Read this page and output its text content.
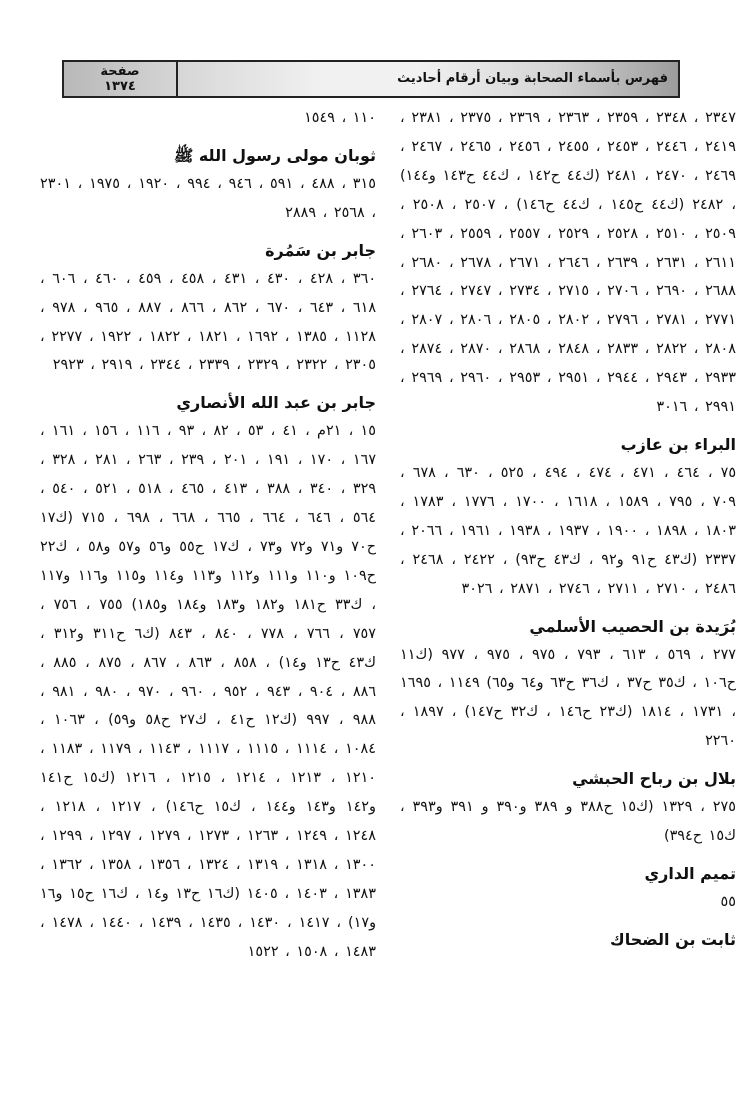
صفحة
١٣٧٤
فهرس بأسماء الصحابة وبيان أرقام أحاديث
٢٣٤٧ ، ٢٣٤٨ ، ٢٣٥٩ ، ٢٣٦٣ ، ٢٣٦٩ ، ٢٣٧٥ ، ٢٣٨١ ، ٢٤١٩ ، ٢٤٤٦ ، ٢٤٥٣ ، ٢٤٥٥ ، ٢٤٥٦ ، ٢٤٦٥ ، ٢٤٦٧ ، ٢٤٦٩ ، ٢٤٧٠ ، ٢٤٨١ (ك٤٤ ح١٤٢ ، ك٤٤ ح١٤٣ و١٤٤) ، ٢٤٨٢ (ك٤٤ ح١٤٥ ، ك٤٤ ح١٤٦) ، ٢٥٠٧ ، ٢٥٠٨ ، ٢٥٠٩ ، ٢٥١٠ ، ٢٥٢٨ ، ٢٥٢٩ ، ٢٥٥٧ ، ٢٥٥٩ ، ٢٦٠٣ ، ٢٦١١ ، ٢٦٣١ ، ٢٦٣٩ ، ٢٦٤٦ ، ٢٦٧١ ، ٢٦٧٨ ، ٢٦٨٠ ، ٢٦٨٨ ، ٢٦٩٠ ، ٢٧٠٦ ، ٢٧١٥ ، ٢٧٣٤ ، ٢٧٤٧ ، ٢٧٦٤ ، ٢٧٧١ ، ٢٧٨١ ، ٢٧٩٦ ، ٢٨٠٢ ، ٢٨٠٥ ، ٢٨٠٦ ، ٢٨٠٧ ، ٢٨٠٨ ، ٢٨٢٢ ، ٢٨٣٣ ، ٢٨٤٨ ، ٢٨٦٨ ، ٢٨٧٠ ، ٢٨٧٤ ، ٢٩٣٣ ، ٢٩٤٣ ، ٢٩٤٤ ، ٢٩٥١ ، ٢٩٥٣ ، ٢٩٦٠ ، ٢٩٦٩ ، ٢٩٩١ ، ٣٠١٦
البراء بن عازب
٧٥ ، ٤٦٤ ، ٤٧١ ، ٤٧٤ ، ٤٩٤ ، ٥٢٥ ، ٦٣٠ ، ٦٧٨ ، ٧٠٩ ، ٧٩٥ ، ١٥٨٩ ، ١٦١٨ ، ١٧٠٠ ، ١٧٧٦ ، ١٧٨٣ ، ١٨٠٣ ، ١٨٩٨ ، ١٩٠٠ ، ١٩٣٧ ، ١٩٣٨ ، ١٩٦١ ، ٢٠٦٦ ، ٢٣٣٧ (ك٤٣ ح٩١ و٩٢ ، ك٤٣ ح٩٣) ، ٢٤٢٢ ، ٢٤٦٨ ، ٢٤٨٦ ، ٢٧١٠ ، ٢٧١١ ، ٢٧٤٦ ، ٢٨٧١ ، ٣٠٢٦
بُرَيدة بن الحصيب الأسلمي
٢٧٧ ، ٥٦٩ ، ٦١٣ ، ٧٩٣ ، ٩٧٥ ، ٩٧٥ ، ٩٧٧ (ك١١ ح١٠٦ ، ك٣٥ ح٣٧ ، ك٣٦ ح٦٣ و٦٤ و٦٥) ١١٤٩ ، ١٦٩٥ ، ١٧٣١ ، ١٨١٤ (ك٢٣ ح١٤٦ ، ك٣٢ ح١٤٧) ، ١٨٩٧ ، ٢٢٦٠
بلال بن رباح الحبشي
٢٧٥ ، ١٣٢٩ (ك١٥ ح٣٨٨ و ٣٨٩ و٣٩٠ و ٣٩١ و٣٩٣ ، ك١٥ ح٣٩٤)
تميم الداري
٥٥
ثابت بن الضحاك
١١٠ ، ١٥٤٩
ثوبان مولى رسول الله ﷺ
٣١٥ ، ٤٨٨ ، ٥٩١ ، ٩٤٦ ، ٩٩٤ ، ١٩٢٠ ، ١٩٧٥ ، ٢٣٠١ ، ٢٥٦٨ ، ٢٨٨٩
جابر بن سَمُرة
٣٦٠ ، ٤٢٨ ، ٤٣٠ ، ٤٣١ ، ٤٥٨ ، ٤٥٩ ، ٤٦٠ ، ٦٠٦ ، ٦١٨ ، ٦٤٣ ، ٦٧٠ ، ٨٦٢ ، ٨٦٦ ، ٨٨٧ ، ٩٦٥ ، ٩٧٨ ، ١١٢٨ ، ١٣٨٥ ، ١٦٩٢ ، ١٨٢١ ، ١٨٢٢ ، ١٩٢٢ ، ٢٢٧٧ ، ٢٣٠٥ ، ٢٣٢٢ ، ٢٣٢٩ ، ٢٣٣٩ ، ٢٣٤٤ ، ٢٩١٩ ، ٢٩٢٣
جابر بن عبد الله الأنصاري
١٥ ، ٢١م ، ٤١ ، ٥٣ ، ٨٢ ، ٩٣ ، ١١٦ ، ١٥٦ ، ١٦١ ، ١٦٧ ، ١٧٠ ، ١٩١ ، ٢٠١ ، ٢٣٩ ، ٢٦٣ ، ٢٨١ ، ٣٢٨ ، ٣٢٩ ، ٣٤٠ ، ٣٨٨ ، ٤١٣ ، ٤٦٥ ، ٥١٨ ، ٥٢١ ، ٥٤٠ ، ٥٦٤ ، ٦٤٦ ، ٦٦٤ ، ٦٦٥ ، ٦٦٨ ، ٦٩٨ ، ٧١٥ (ك١٧ ح٧٠ و٧١ و٧٢ و٧٣ ، ك١٧ ح٥٥ و٥٦ و٥٧ و٥٨ ، ك٢٢ ح١٠٩ و١١٠ و١١١ و١١٢ و١١٣ و١١٤ و١١٥ و١١٦ و١١٧ ، ك٣٣ ح١٨١ و١٨٢ و١٨٣ و١٨٤ و١٨٥) ٧٥٥ ، ٧٥٦ ، ٧٥٧ ، ٧٦٦ ، ٧٧٨ ، ٨٤٠ ، ٨٤٣ (ك٦ ح٣١١ و٣١٢ ، ك٤٣ ح١٣ و١٤) ، ٨٥٨ ، ٨٦٣ ، ٨٦٧ ، ٨٧٥ ، ٨٨٥ ، ٨٨٦ ، ٩٠٤ ، ٩٤٣ ، ٩٥٢ ، ٩٦٠ ، ٩٧٠ ، ٩٨٠ ، ٩٨١ ، ٩٨٨ ، ٩٩٧ (ك١٢ ح٤١ ، ك٢٧ ح٥٨ و٥٩) ، ١٠٦٣ ، ١٠٨٤ ، ١١١٤ ، ١١١٥ ، ١١١٧ ، ١١٤٣ ، ١١٧٩ ، ١١٨٣ ، ١٢١٠ ، ١٢١٣ ، ١٢١٤ ، ١٢١٥ ، ١٢١٦ (ك١٥ ح١٤١ و١٤٢ و١٤٣ و١٤٤ ، ك١٥ ح١٤٦) ، ١٢١٧ ، ١٢١٨ ، ١٢٤٨ ، ١٢٤٩ ، ١٢٦٣ ، ١٢٧٣ ، ١٢٧٩ ، ١٢٩٧ ، ١٢٩٩ ، ١٣٠٠ ، ١٣١٨ ، ١٣١٩ ، ١٣٢٤ ، ١٣٥٦ ، ١٣٥٨ ، ١٣٦٢ ، ١٣٨٣ ، ١٤٠٣ ، ١٤٠٥ (ك١٦ ح١٣ و١٤ ، ك١٦ ح١٥ و١٦ و١٧) ، ١٤١٧ ، ١٤٣٠ ، ١٤٣٥ ، ١٤٣٩ ، ١٤٤٠ ، ١٤٧٨ ، ١٤٨٣ ، ١٥٠٨ ، ١٥٢٢
